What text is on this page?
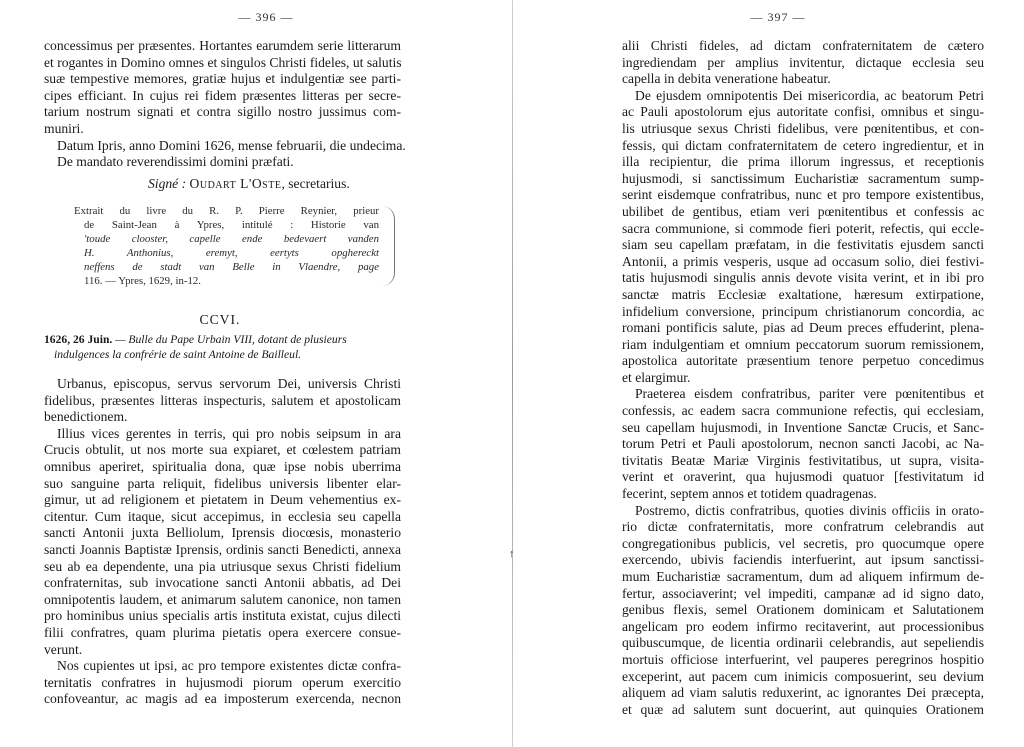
— 396 —
concessimus per præsentes. Hortantes earumdem serie litterarum
et rogantes in Domino omnes et singulos Christi fideles, ut salutis
suæ tempestive memores, gratiæ hujus et indulgentiæ see parti-
cipes efficiant. In cujus rei fidem præsentes litteras per secre-
tarium nostrum signati et contra sigillo nostro jussimus com-
muniri.
Datum Ipris, anno Domini 1626, mense februarii, die undecima.
De mandato reverendissimi domini præfati.
Signé : Oudart L'Oste, secretarius.
Extrait du livre du R. P. Pierre Reynier, prieur
de Saint-Jean à Ypres, intitulé : Historie van
'toude clooster, capelle ende bedevaert vanden
H. Anthonius, eremyt, eertyts opghereckt
neffens de stadt van Belle in Vlaendre, page
116. — Ypres, 1629, in-12.
CCVI.
1626, 26 Juin. — Bulle du Pape Urbain VIII, dotant de plusieurs
indulgences la confrérie de saint Antoine de Bailleul.
Urbanus, episcopus, servus servorum Dei, universis Christi
fidelibus, præsentes litteras inspecturis, salutem et apostolicam
benedictionem.
Illius vices gerentes in terris, qui pro nobis seipsum in ara
Crucis obtulit, ut nos morte sua expiaret, et cœlestem patriam
omnibus aperiret, spiritualia dona, quæ ipse nobis uberrima
suo sanguine parta reliquit, fidelibus universis libenter elar-
gimur, ut ad religionem et pietatem in Deum vehementius ex-
citentur. Cum itaque, sicut accepimus, in ecclesia seu capella
sancti Antonii juxta Belliolum, Iprensis diocœsis, monasterio
sancti Joannis Baptistæ Iprensis, ordinis sancti Benedicti, annexa
seu ab ea dependente, una pia utriusque sexus Christi fidelium
confraternitas, sub invocatione sancti Antonii abbatis, ad Dei
omnipotentis laudem, et animarum salutem canonice, non tamen
pro hominibus unius specialis artis instituta existat, cujus dilecti
filii confratres, quam plurima pietatis opera exercere consue-
verunt.
Nos cupientes ut ipsi, ac pro tempore existentes dictæ confra-
ternitatis confratres in hujusmodi piorum operum exercitio
confoveantur, ac magis ad ea imposterum exercenda, necnon
↑
— 397 —
alii Christi fideles, ad dictam confraternitatem de cætero
ingrediendam per amplius invitentur, dictaque ecclesia seu
capella in debita veneratione habeatur.
De ejusdem omnipotentis Dei misericordia, ac beatorum Petri
ac Pauli apostolorum ejus autoritate confisi, omnibus et singu-
lis utriusque sexus Christi fidelibus, vere pœnitentibus, et con-
fessis, qui dictam confraternitatem de cetero ingredientur, et in
illa recipientur, die prima illorum ingressus, et receptionis
hujusmodi, si sanctissimum Eucharistiæ sacramentum sump-
serint eisdemque confratribus, nunc et pro tempore existentibus,
ubilibet de gentibus, etiam veri pœnitentibus et confessis ac
sacra communione, si commode fieri poterit, refectis, qui eccle-
siam seu capellam præfatam, in die festivitatis ejusdem sancti
Antonii, a primis vesperis, usque ad occasum solio, diei festivi-
tatis hujusmodi singulis annis devote visita verint, et in ibi pro
sanctæ matris Ecclesiæ exaltatione, hæresum extirpatione,
infidelium conversione, principum christianorum concordia, ac
romani pontificis salute, pias ad Deum preces effuderint, plena-
riam indulgentiam et omnium peccatorum suorum remissionem,
apostolica autoritate præsentium tenore perpetuo concedimus
et elargimur.
Praeterea eisdem confratribus, pariter vere pœnitentibus et
confessis, ac eadem sacra communione refectis, qui ecclesiam,
seu capellam hujusmodi, in Inventione Sanctæ Crucis, et Sanc-
torum Petri et Pauli apostolorum, necnon sancti Jacobi, ac Na-
tivitatis Beatæ Mariæ Virginis festivitatibus, ut supra, visita-
verint et oraverint, qua hujusmodi quatuor [festivitatum id
fecerint, septem annos et totidem quadragenas.
Postremo, dictis confratribus, quoties divinis officiis in orato-
rio dictæ confraternitatis, more confratrum celebrandis aut
congregationibus publicis, vel secretis, pro quocumque opere
exercendo, ubivis faciendis interfuerint, aut ipsum sanctissi-
mum Eucharistiæ sacramentum, dum ad aliquem infirmum de-
fertur, associaverint; vel impediti, campanæ ad id signo dato,
genibus flexis, semel Orationem dominicam et Salutationem
angelicam pro eodem infirmo recitaverint, aut processionibus
quibuscumque, de licentia ordinarii celebrandis, aut sepeliendis
mortuis officiose interfuerint, vel pauperes peregrinos hospitio
exceperint, aut pacem cum inimicis composuerint, seu devium
aliquem ad viam salutis reduxerint, ac ignorantes Dei præcepta,
et quæ ad salutem sunt docuerint, aut quinquies Orationem
